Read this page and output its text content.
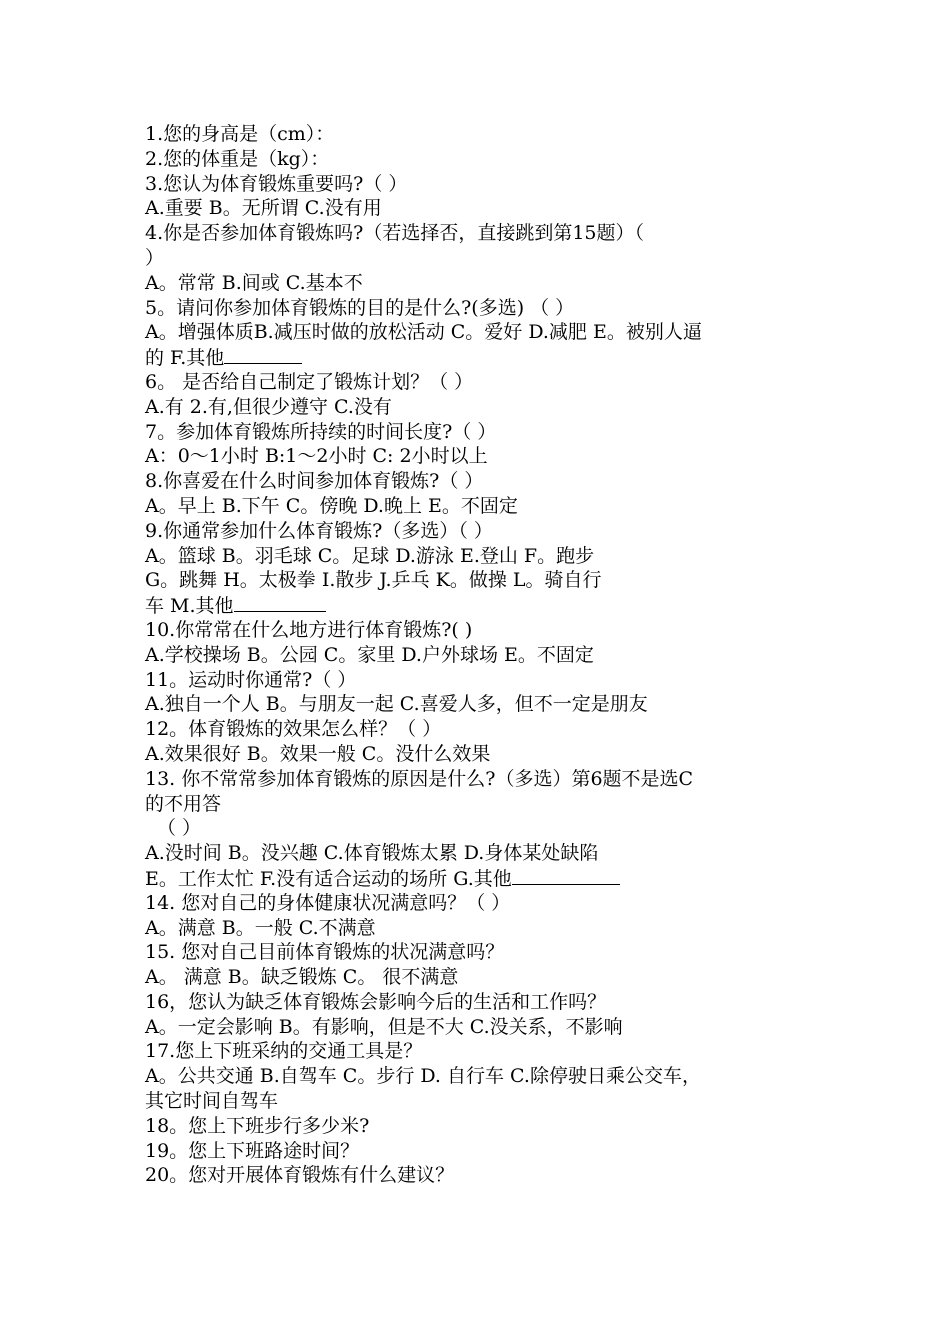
1.您的身高是（cm）：
2.您的体重是（kg）：
3.您认为体育锻炼重要吗?（ ）
A.重要 B。无所谓 C.没有用
4.你是否参加体育锻炼吗?（若选择否，直接跳到第15题）（
）
A。常常 B.间或 C.基本不
5。请问你参加体育锻炼的目的是什么?(多选) （ ）
A。增强体质B.减压时做的放松活动 C。爱好 D.减肥 E。被别人逼
的 F.其他
6。 是否给自己制定了锻炼计划？（ ）
A.有 2.有,但很少遵守 C.没有
7。参加体育锻炼所持续的时间长度?（ ）
A：0～1小时 B:1～2小时 C: 2小时以上
8.你喜爱在什么时间参加体育锻炼?（ ）
A。早上 B.下午 C。傍晚 D.晚上 E。不固定
9.你通常参加什么体育锻炼?（多选）（ ）
A。篮球 B。羽毛球 C。足球 D.游泳 E.登山 F。跑步
G。跳舞 H。太极拳 I.散步 J.乒乓 K。做操 L。骑自行
车 M.其他
10.你常常在什么地方进行体育锻炼?( )
A.学校操场 B。公园 C。家里 D.户外球场 E。不固定
11。运动时你通常?（ ）
A.独自一个人 B。与朋友一起 C.喜爱人多，但不一定是朋友
12。体育锻炼的效果怎么样？（ ）
A.效果很好 B。效果一般 C。没什么效果
13. 你不常常参加体育锻炼的原因是什么?（多选）第6题不是选C
的不用答
（ ）
A.没时间 B。没兴趣 C.体育锻炼太累 D.身体某处缺陷
E。工作太忙 F.没有适合运动的场所 G.其他
14. 您对自己的身体健康状况满意吗？（ ）
A。满意 B。一般 C.不满意
15. 您对自己目前体育锻炼的状况满意吗？
A。 满意 B。缺乏锻炼 C。 很不满意
16，您认为缺乏体育锻炼会影响今后的生活和工作吗？
A。一定会影响 B。有影响，但是不大 C.没关系，不影响
17.您上下班采纳的交通工具是？
A。公共交通 B.自驾车 C。步行 D. 自行车 C.除停驶日乘公交车，
其它时间自驾车
18。您上下班步行多少米?
19。您上下班路途时间？
20。您对开展体育锻炼有什么建议？
